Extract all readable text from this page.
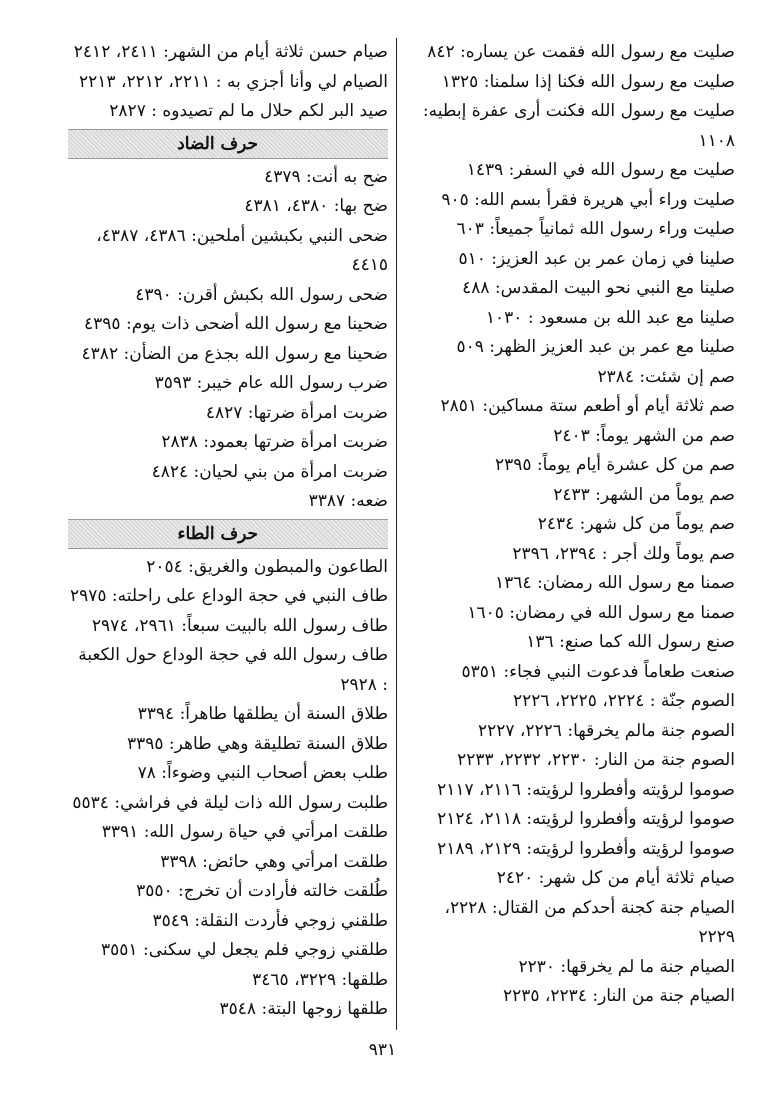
صليت مع رسول الله فقمت عن يساره: ٨٤٢
صليت مع رسول الله فكنا إذا سلمنا: ١٣٢٥
صليت مع رسول الله فكنت أرى عفرة إبطيه: ١١٠٨
صليت مع رسول الله في السفر: ١٤٣٩
صليت وراء أبي هريرة فقرأ بسم الله: ٩٠٥
صليت وراء رسول الله ثمانياً جميعاً: ٦٠٣
صلينا في زمان عمر بن عبد العزيز: ٥١٠
صلينا مع النبي نحو البيت المقدس: ٤٨٨
صلينا مع عبد الله بن مسعود : ١٠٣٠
صلينا مع عمر بن عبد العزيز الظهر: ٥٠٩
صم إن شئت: ٢٣٨٤
صم ثلاثة أيام أو أطعم ستة مساكين: ٢٨٥١
صم من الشهر يوماً: ٢٤٠٣
صم من كل عشرة أيام يوماً: ٢٣٩٥
صم يوماً من الشهر: ٢٤٣٣
صم يوماً من كل شهر: ٢٤٣٤
صم يوماً ولك أجر : ٢٣٩٤، ٢٣٩٦
صمنا مع رسول الله رمضان: ١٣٦٤
صمنا مع رسول الله في رمضان: ١٦٠٥
صنع رسول الله كما صنع: ١٣٦
صنعت طعاماً فدعوت النبي فجاء: ٥٣٥١
الصوم جنّة : ٢٢٢٤، ٢٢٢٥، ٢٢٢٦
الصوم جنة مالم يخرقها: ٢٢٢٦، ٢٢٢٧
الصوم جنة من النار: ٢٢٣٠، ٢٢٣٢، ٢٢٣٣
صوموا لرؤيته وأفطروا لرؤيته: ٢١١٦، ٢١١٧
صوموا لرؤيته وأفطروا لرؤيته: ٢١١٨، ٢١٢٤
صوموا لرؤيته وأفطروا لرؤيته: ٢١٢٩، ٢١٨٩
صيام ثلاثة أيام من كل شهر: ٢٤٢٠
الصيام جنة كجنة أحدكم من القتال: ٢٢٢٨، ٢٢٢٩
الصيام جنة ما لم يخرقها: ٢٢٣٠
الصيام جنة من النار: ٢٢٣٤، ٢٢٣٥
صيام حسن ثلاثة أيام من الشهر: ٢٤١١، ٢٤١٢
الصيام لي وأنا أجزي به : ٢٢١١، ٢٢١٢، ٢٢١٣
صيد البر لكم حلال ما لم تصيدوه : ٢٨٢٧
حرف الضاد
ضح به أنت: ٤٣٧٩
ضح بها: ٤٣٨٠، ٤٣٨١
ضحى النبي بكبشين أملحين: ٤٣٨٦، ٤٣٨٧، ٤٤١٥
ضحى رسول الله بكبش أقرن: ٤٣٩٠
ضحينا مع رسول الله أضحى ذات يوم: ٤٣٩٥
ضحينا مع رسول الله بجذع من الضأن: ٤٣٨٢
ضرب رسول الله عام خيبر: ٣٥٩٣
ضربت امرأة ضرتها: ٤٨٢٧
ضربت امرأة ضرتها بعمود: ٢٨٣٨
ضربت امرأة من بني لحيان: ٤٨٢٤
ضعه: ٣٣٨٧
حرف الطاء
الطاعون والمبطون والغريق: ٢٠٥٤
طاف النبي في حجة الوداع على راحلته: ٢٩٧٥
طاف رسول الله بالبيت سبعاً: ٢٩٦١، ٢٩٧٤
طاف رسول الله في حجة الوداع حول الكعبة : ٢٩٢٨
طلاق السنة أن يطلقها طاهراً: ٣٣٩٤
طلاق السنة تطليقة وهي طاهر: ٣٣٩٥
طلب بعض أصحاب النبي وضوءاً: ٧٨
طلبت رسول الله ذات ليلة في فراشي: ٥٥٣٤
طلقت امرأتي في حياة رسول الله: ٣٣٩١
طلقت امرأتي وهي حائض: ٣٣٩٨
طُلقت خالته فأرادت أن تخرج: ٣٥٥٠
طلقني زوجي فأردت النقلة: ٣٥٤٩
طلقني زوجي فلم يجعل لي سكنى: ٣٥٥١
طلقها: ٣٢٢٩، ٣٤٦٥
طلقها زوجها البتة: ٣٥٤٨
٩٣١
